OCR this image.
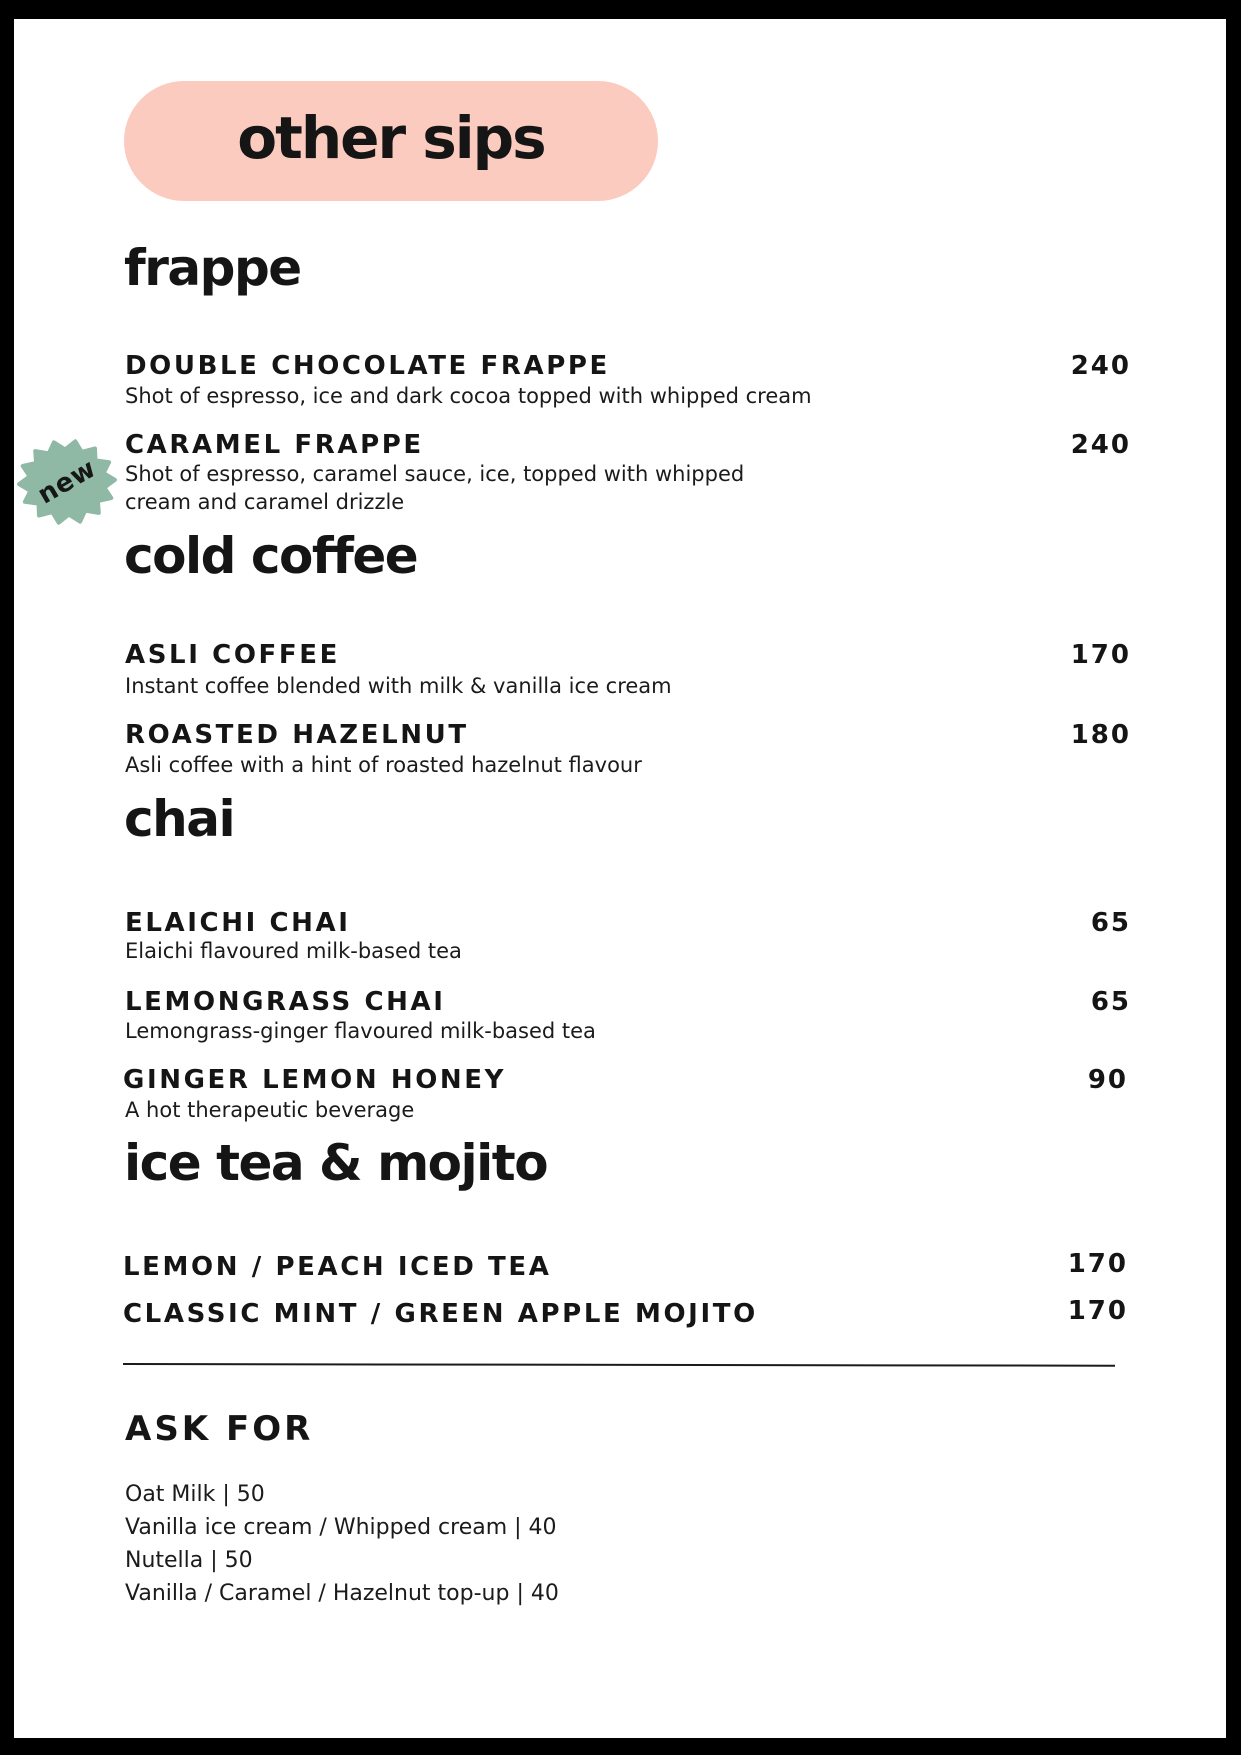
other sips
frappe
DOUBLE CHOCOLATE FRAPPE	240
Shot of espresso, ice and dark cocoa topped with whipped cream
new
CARAMEL FRAPPE	240
Shot of espresso, caramel sauce, ice, topped with whipped cream and caramel drizzle
cold coffee
ASLI COFFEE	170
Instant coffee blended with milk & vanilla ice cream
ROASTED HAZELNUT	180
Asli coffee with a hint of roasted hazelnut flavour
chai
ELAICHI CHAI	65
Elaichi flavoured milk-based tea
LEMONGRASS CHAI	65
Lemongrass-ginger flavoured milk-based tea
GINGER LEMON HONEY	90
A hot therapeutic beverage
ice tea & mojito
LEMON / PEACH ICED TEA	170
CLASSIC MINT / GREEN APPLE MOJITO	170
ASK FOR
Oat Milk | 50
Vanilla ice cream / Whipped cream | 40
Nutella | 50
Vanilla / Caramel / Hazelnut top-up | 40
